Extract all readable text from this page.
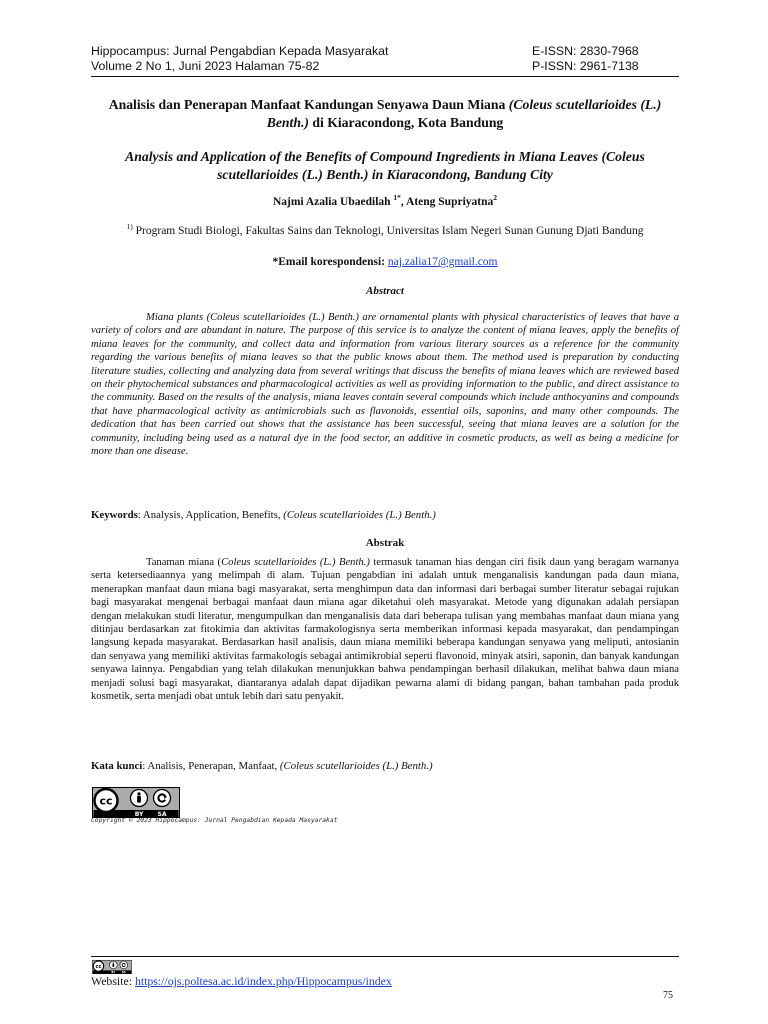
Hippocampus: Jurnal Pengabdian Kepada Masyarakat
Volume 2 No 1, Juni 2023 Halaman 75-82
E-ISSN: 2830-7968
P-ISSN: 2961-7138
Analisis dan Penerapan Manfaat Kandungan Senyawa Daun Miana (Coleus scutellarioides (L.) Benth.) di Kiaracondong, Kota Bandung
Analysis and Application of the Benefits of Compound Ingredients in Miana Leaves (Coleus scutellarioides (L.) Benth.) in Kiaracondong, Bandung City
Najmi Azalia Ubaedilah $^{1*}$, Ateng Supriyatna$^2$
$^{1)}$ Program Studi Biologi, Fakultas Sains dan Teknologi, Universitas Islam Negeri Sunan Gunung Djati Bandung
*Email korespondensi: naj.zalia17@gmail.com
Abstract

Miana plants (Coleus scutellarioides (L.) Benth.) are ornamental plants with physical characteristics of leaves that have a variety of colors and are abundant in nature. The purpose of this service is to analyze the content of miana leaves, apply the benefits of miana leaves for the community, and collect data and information from various literary sources as a reference for the community regarding the various benefits of miana leaves so that the public knows about them. The method used is preparation by conducting literature studies, collecting and analyzing data from several writings that discuss the benefits of miana leaves which are reviewed based on their phytochemical substances and pharmacological activities as well as providing information to the public, and direct assistance to the community. Based on the results of the analysis, miana leaves contain several compounds which include anthocyanins and compounds that have pharmacological activity as antimicrobials such as flavonoids, essential oils, saponins, and many other compounds. The dedication that has been carried out shows that the assistance has been successful, seeing that miana leaves are a solution for the community, including being used as a natural dye in the food sector, an additive in cosmetic products, as well as being a medicine for more than one disease.

Keywords: Analysis, Application, Benefits, (Coleus scutellarioides (L.) Benth.)
Abstrak

Tanaman miana (Coleus scutellarioides (L.) Benth.) termasuk tanaman hias dengan ciri fisik daun yang beragam warnanya serta ketersediaannya yang melimpah di alam. Tujuan pengabdian ini adalah untuk menganalisis kandungan pada daun miana, menerapkan manfaat daun miana bagi masyarakat, serta menghimpun data dan informasi dari berbagai sumber literatur sebagai rujukan bagi masyarakat mengenai berbagai manfaat daun miana agar diketahui oleh masyarakat. Metode yang digunakan adalah persiapan dengan melakukan studi literatur, mengumpulkan dan menganalisis data dari beberapa tulisan yang membahas manfaat daun miana yang ditinjau berdasarkan zat fitokimia dan aktivitas farmakologisnya serta memberikan informasi kepada masyarakat, dan pendampingan langsung kepada masyarakat. Berdasarkan hasil analisis, daun miana memiliki beberapa kandungan senyawa yang meliputi, antosianin dan senyawa yang memiliki aktivitas farmakologis sebagai antimikrobial seperti flavonoid, minyak atsiri, saponin, dan banyak kandungan senyawa lainnya. Pengabdian yang telah dilakukan menunjukkan bahwa pendampingan berhasil dilakukan, melihat bahwa daun miana menjadi solusi bagi masyarakat, diantaranya adalah dapat dijadikan pewarna alami di bidang pangan, bahan tambahan pada produk kosmetik, serta menjadi obat untuk lebih dari satu penyakit.

Kata kunci: Analisis, Penerapan, Manfaat, (Coleus scutellarioides (L.) Benth.)
cc
BY SA
Copyright © 2023 Hippocampus: Jurnal Pengabdian Kepada Masyarakat
cc
BY SA
Website: https://ojs.poltesa.ac.id/index.php/Hippocampus/index
75
